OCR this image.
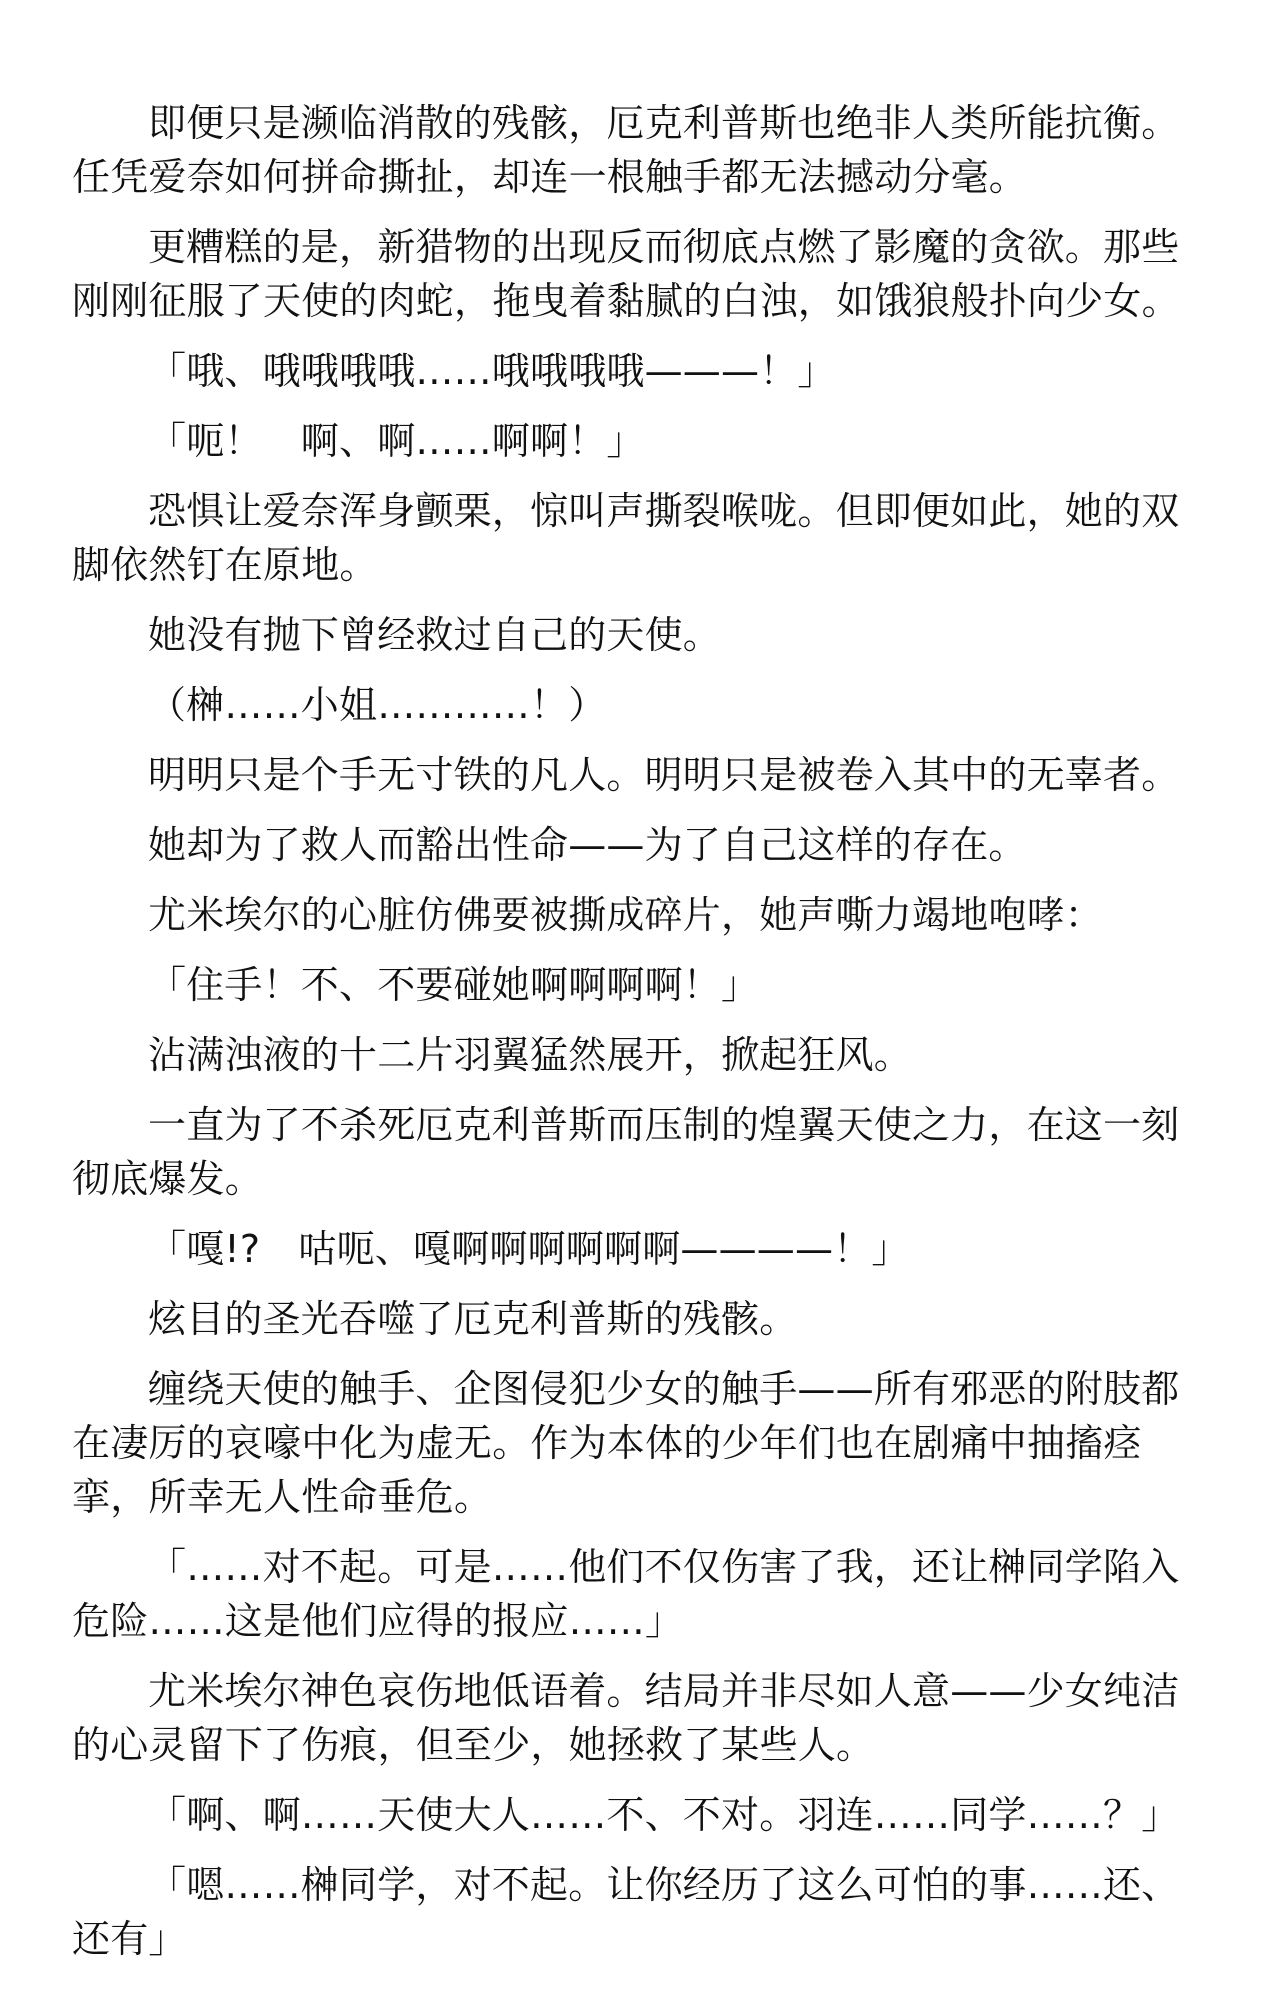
即便只是濒临消散的残骸，厄克利普斯也绝非人类所能抗衡。任凭爱奈如何拼命撕扯，却连一根触手都无法撼动分毫。

更糟糕的是，新猎物的出现反而彻底点燃了影魔的贪欲。那些刚刚征服了天使的肉蛇，拖曳着黏腻的白浊，如饿狼般扑向少女。

「哦、哦哦哦哦……哦哦哦哦———！」

「呃！　啊、啊……啊啊！」

恐惧让爱奈浑身颤栗，惊叫声撕裂喉咙。但即便如此，她的双脚依然钉在原地。

她没有抛下曾经救过自己的天使。

（榊……小姐…………！）

明明只是个手无寸铁的凡人。明明只是被卷入其中的无辜者。

她却为了救人而豁出性命——为了自己这样的存在。

尤米埃尔的心脏仿佛要被撕成碎片，她声嘶力竭地咆哮：

「住手！不、不要碰她啊啊啊啊！」

沾满浊液的十二片羽翼猛然展开，掀起狂风。

一直为了不杀死厄克利普斯而压制的煌翼天使之力，在这一刻彻底爆发。

「嘎!?　咕呃、嘎啊啊啊啊啊啊————！」

炫目的圣光吞噬了厄克利普斯的残骸。

缠绕天使的触手、企图侵犯少女的触手——所有邪恶的附肢都在凄厉的哀嚎中化为虚无。作为本体的少年们也在剧痛中抽搐痉挛，所幸无人性命垂危。

「……对不起。可是……他们不仅伤害了我，还让榊同学陷入危险……这是他们应得的报应……」

尤米埃尔神色哀伤地低语着。结局并非尽如人意——少女纯洁的心灵留下了伤痕，但至少，她拯救了某些人。

「啊、啊……天使大人……不、不对。羽连……同学……？」

「嗯……榊同学，对不起。让你经历了这么可怕的事……还、还有」
